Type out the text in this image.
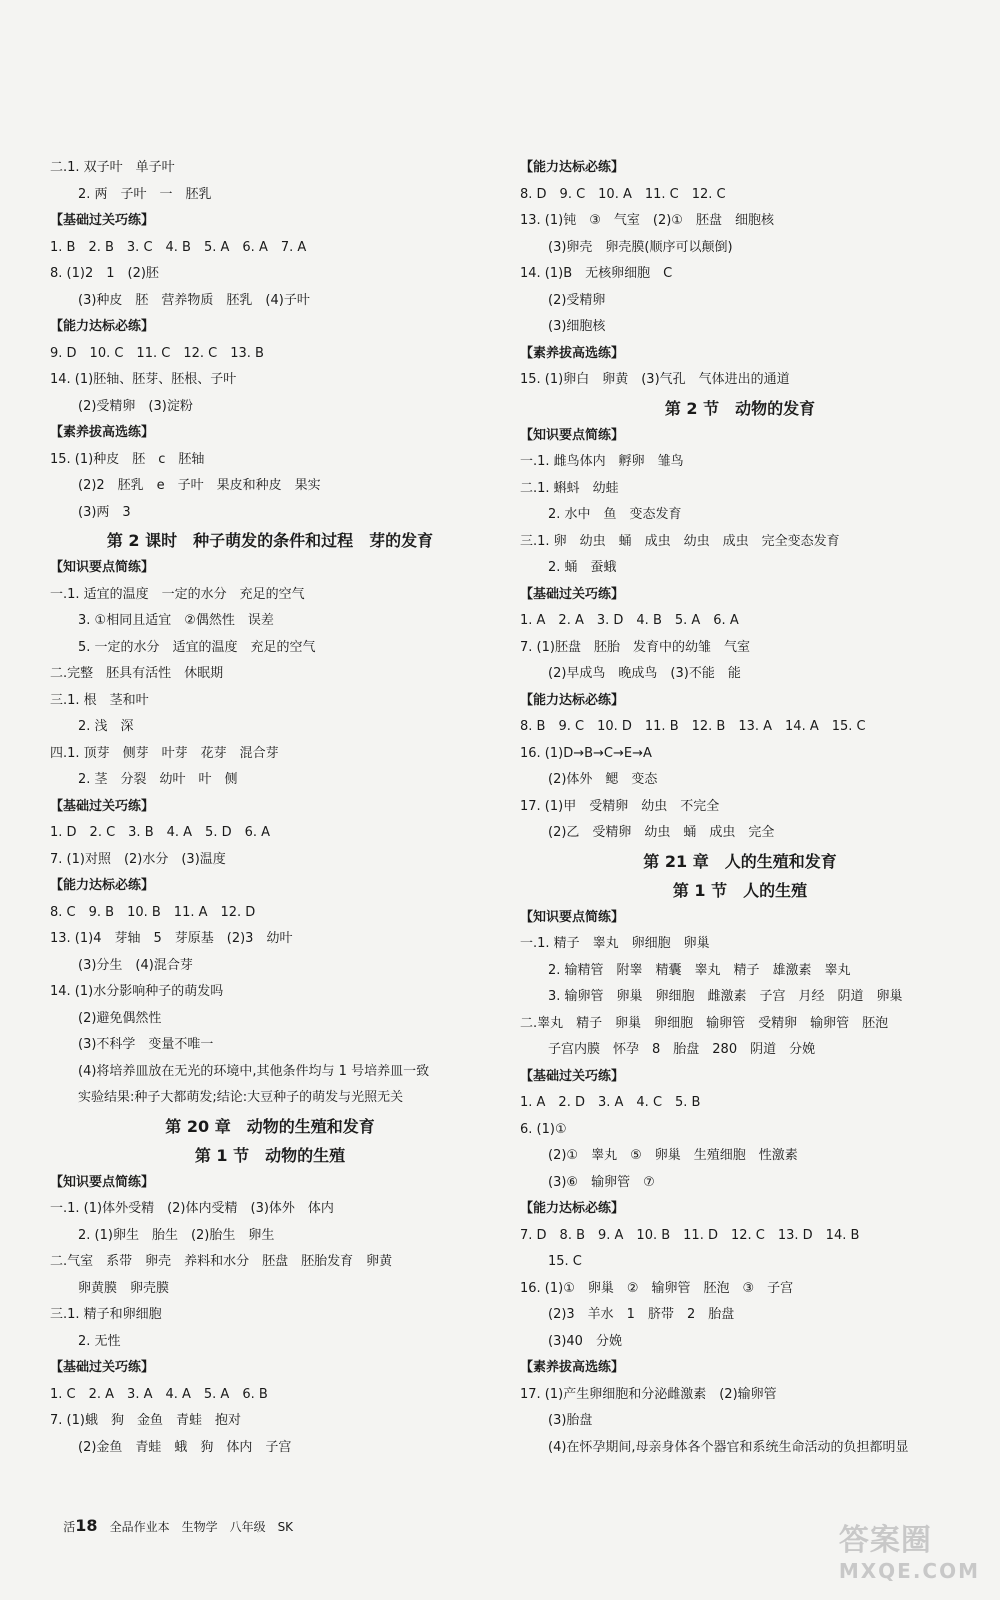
二.1. 双子叶　单子叶
2. 两　子叶　一　胚乳
【基础过关巧练】
1. B　2. B　3. C　4. B　5. A　6. A　7. A
8. (1)2　1　(2)胚
(3)种皮　胚　营养物质　胚乳　(4)子叶
【能力达标必练】
9. D　10. C　11. C　12. C　13. B
14. (1)胚轴、胚芽、胚根、子叶
(2)受精卵　(3)淀粉
【素养拔高选练】
15. (1)种皮　胚　c　胚轴
(2)2　胚乳　e　子叶　果皮和种皮　果实
(3)两　3
第 2 课时　种子萌发的条件和过程　芽的发育
【知识要点简练】
一.1. 适宜的温度　一定的水分　充足的空气
3. ①相同且适宜　②偶然性　误差
5. 一定的水分　适宜的温度　充足的空气
二.完整　胚具有活性　休眠期
三.1. 根　茎和叶
2. 浅　深
四.1. 顶芽　侧芽　叶芽　花芽　混合芽
2. 茎　分裂　幼叶　叶　侧
【基础过关巧练】
1. D　2. C　3. B　4. A　5. D　6. A
7. (1)对照　(2)水分　(3)温度
【能力达标必练】
8. C　9. B　10. B　11. A　12. D
13. (1)4　芽轴　5　芽原基　(2)3　幼叶
(3)分生　(4)混合芽
14. (1)水分影响种子的萌发吗
(2)避免偶然性
(3)不科学　变量不唯一
(4)将培养皿放在无光的环境中,其他条件均与 1 号培养皿一致
实验结果:种子大都萌发;结论:大豆种子的萌发与光照无关
第 20 章　动物的生殖和发育
第 1 节　动物的生殖
【知识要点简练】
一.1. (1)体外受精　(2)体内受精　(3)体外　体内
2. (1)卵生　胎生　(2)胎生　卵生
二.气室　系带　卵壳　养料和水分　胚盘　胚胎发育　卵黄
卵黄膜　卵壳膜
三.1. 精子和卵细胞
2. 无性
【基础过关巧练】
1. C　2. A　3. A　4. A　5. A　6. B
7. (1)蛾　狗　金鱼　青蛙　抱对
(2)金鱼　青蛙　蛾　狗　体内　子宫
【能力达标必练】
8. D　9. C　10. A　11. C　12. C
13. (1)钝　③　气室　(2)①　胚盘　细胞核
(3)卵壳　卵壳膜(顺序可以颠倒)
14. (1)B　无核卵细胞　C
(2)受精卵
(3)细胞核
【素养拔高选练】
15. (1)卵白　卵黄　(3)气孔　气体进出的通道
第 2 节　动物的发育
【知识要点简练】
一.1. 雌鸟体内　孵卵　雏鸟
二.1. 蝌蚪　幼蛙
2. 水中　鱼　变态发育
三.1. 卵　幼虫　蛹　成虫　幼虫　成虫　完全变态发育
2. 蛹　蚕蛾
【基础过关巧练】
1. A　2. A　3. D　4. B　5. A　6. A
7. (1)胚盘　胚胎　发育中的幼雏　气室
(2)早成鸟　晚成鸟　(3)不能　能
【能力达标必练】
8. B　9. C　10. D　11. B　12. B　13. A　14. A　15. C
16. (1)D→B→C→E→A
(2)体外　鳃　变态
17. (1)甲　受精卵　幼虫　不完全
(2)乙　受精卵　幼虫　蛹　成虫　完全
第 21 章　人的生殖和发育
第 1 节　人的生殖
【知识要点简练】
一.1. 精子　睾丸　卵细胞　卵巢
2. 输精管　附睾　精囊　睾丸　精子　雄激素　睾丸
3. 输卵管　卵巢　卵细胞　雌激素　子宫　月经　阴道　卵巢
二.睾丸　精子　卵巢　卵细胞　输卵管　受精卵　输卵管　胚泡
子宫内膜　怀孕　8　胎盘　280　阴道　分娩
【基础过关巧练】
1. A　2. D　3. A　4. C　5. B
6. (1)①
(2)①　睾丸　⑤　卵巢　生殖细胞　性激素
(3)⑥　输卵管　⑦
【能力达标必练】
7. D　8. B　9. A　10. B　11. D　12. C　13. D　14. B
15. C
16. (1)①　卵巢　②　输卵管　胚泡　③　子宫
(2)3　羊水　1　脐带　2　胎盘
(3)40　分娩
【素养拔高选练】
17. (1)产生卵细胞和分泌雌激素　(2)输卵管
(3)胎盘
(4)在怀孕期间,母亲身体各个器官和系统生命活动的负担都明显

活18　 全品作业本　生物学　八年级　SK
	答案圈
MXQE.COM
